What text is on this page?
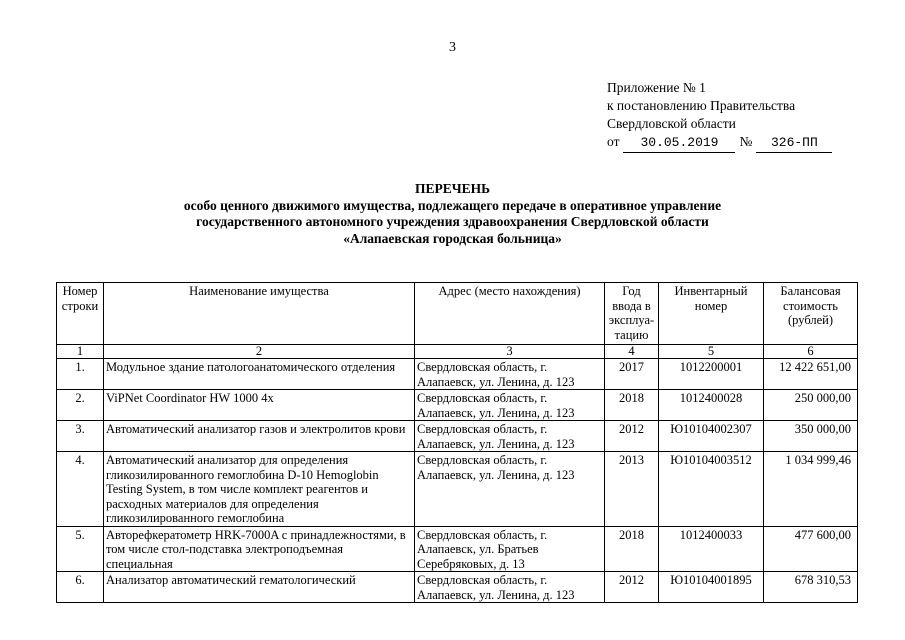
3
Приложение № 1
к постановлению Правительства
Свердловской области
от 30.05.2019 № 326-ПП
ПЕРЕЧЕНЬ
особо ценного движимого имущества, подлежащего передаче в оперативное управление
государственного автономного учреждения здравоохранения Свердловской области
«Алапаевская городская больница»
Номер строки	Наименование имущества	Адрес (место нахождения)	Год ввода в эксплуа-тацию	Инвентарный номер	Балансовая стоимость (рублей)
1	2	3	4	5	6
1.	Модульное здание патологоанатомического отделения	Свердловская область, г. Алапаевск, ул. Ленина, д. 123	2017	1012200001	12 422 651,00
2.	ViPNet Coordinator HW 1000 4x	Свердловская область, г. Алапаевск, ул. Ленина, д. 123	2018	1012400028	250 000,00
3.	Автоматический анализатор газов и электролитов крови	Свердловская область, г. Алапаевск, ул. Ленина, д. 123	2012	Ю10104002307	350 000,00
4.	Автоматический анализатор для определения гликозилированного гемоглобина D-10 Hemoglobin Testing System, в том числе комплект реагентов и расходных материалов для определения гликозилированного гемоглобина	Свердловская область, г. Алапаевск, ул. Ленина, д. 123	2013	Ю10104003512	1 034 999,46
5.	Авторефкератометр HRK-7000A с принадлежностями, в том числе стол-подставка электроподъемная специальная	Свердловская область, г. Алапаевск, ул. Братьев Серебряковых, д. 13	2018	1012400033	477 600,00
6.	Анализатор автоматический гематологический	Свердловская область, г. Алапаевск, ул. Ленина, д. 123	2012	Ю10104001895	678 310,53
